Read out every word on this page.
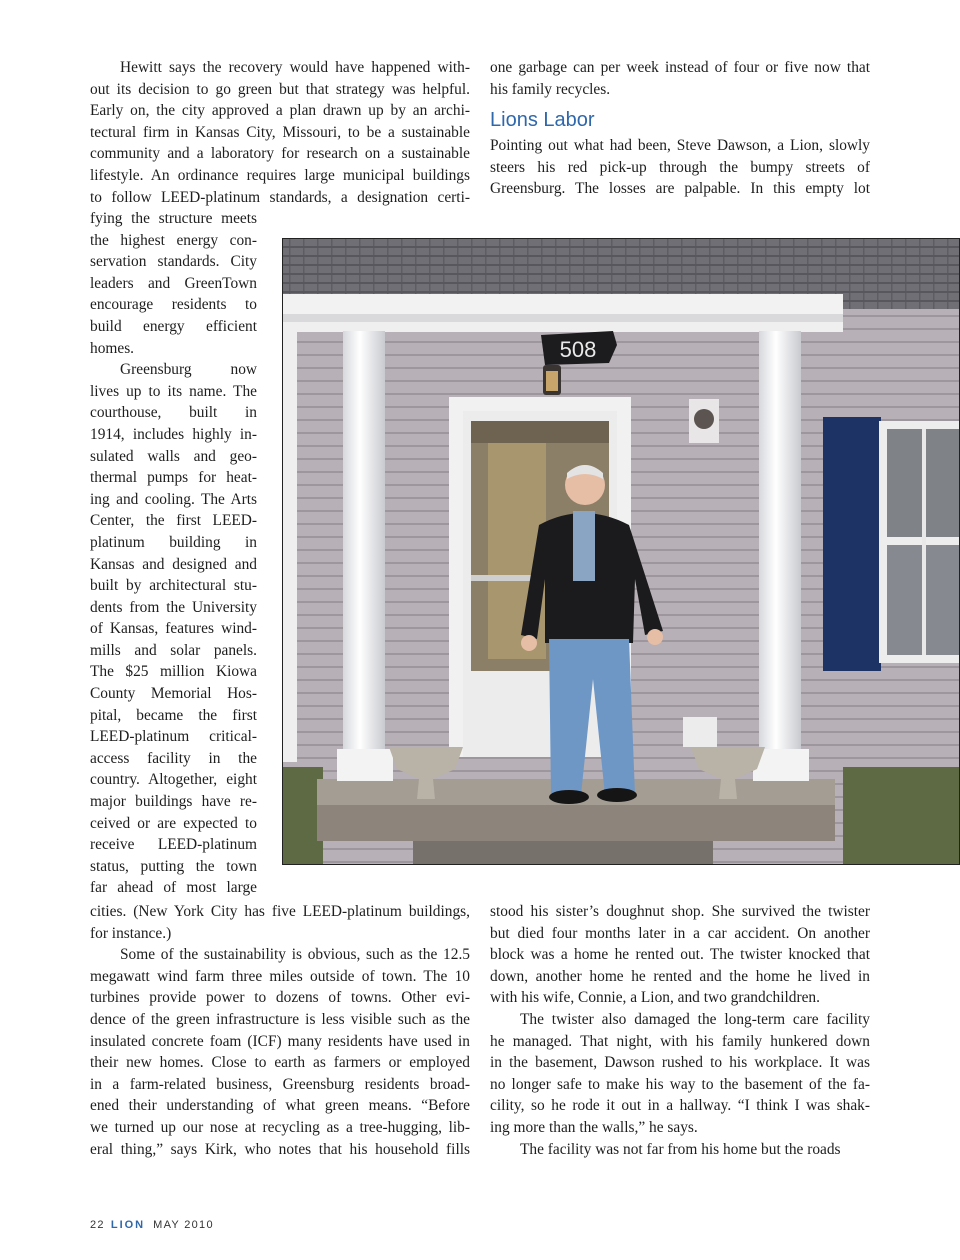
Hewitt says the recovery would have happened with-
out its decision to go green but that strategy was helpful.
Early on, the city approved a plan drawn up by an archi-
tectural firm in Kansas City, Missouri, to be a sustainable
community and a laboratory for research on a sustainable
lifestyle. An ordinance requires large municipal buildings
to follow LEED-platinum standards, a designation certi-
fying the structure meets
the highest energy con-
servation standards. City
leaders and GreenTown
encourage residents to
build energy efficient
homes.
Greensburg now
lives up to its name. The
courthouse, built in
1914, includes highly in-
sulated walls and geo-
thermal pumps for heat-
ing and cooling. The Arts
Center, the first LEED-
platinum building in
Kansas and designed and
built by architectural stu-
dents from the University
of Kansas, features wind-
mills and solar panels.
The $25 million Kiowa
County Memorial Hos-
pital, became the first
LEED-platinum critical-
access facility in the
country. Altogether, eight
major buildings have re-
ceived or are expected to
receive LEED-platinum
status, putting the town
far ahead of most large
cities. (New York City has five LEED-platinum buildings,
for instance.)
Some of the sustainability is obvious, such as the 12.5
megawatt wind farm three miles outside of town. The 10
turbines provide power to dozens of towns. Other evi-
dence of the green infrastructure is less visible such as the
insulated concrete foam (ICF) many residents have used in
their new homes. Close to earth as farmers or employed
in a farm-related business, Greensburg residents broad-
ened their understanding of what green means. “Before
we turned up our nose at recycling as a tree-hugging, lib-
eral thing,” says Kirk, who notes that his household fills
one garbage can per week instead of four or five now that
his family recycles.
Lions Labor
Pointing out what had been, Steve Dawson, a Lion, slowly
steers his red pick-up through the bumpy streets of
Greensburg. The losses are palpable. In this empty lot
stood his sister’s doughnut shop. She survived the twister
but died four months later in a car accident. On another
block was a home he rented out. The twister knocked that
down, another home he rented and the home he lived in
with his wife, Connie, a Lion, and two grandchildren.
The twister also damaged the long-term care facility
he managed. That night, with his family hunkered down
in the basement, Dawson rushed to his workplace. It was
no longer safe to make his way to the basement of the fa-
cility, so he rode it out in a hallway. “I think I was shak-
ing more than the walls,” he says.
The facility was not far from his home but the roads
508
22 LION MAY 2010
